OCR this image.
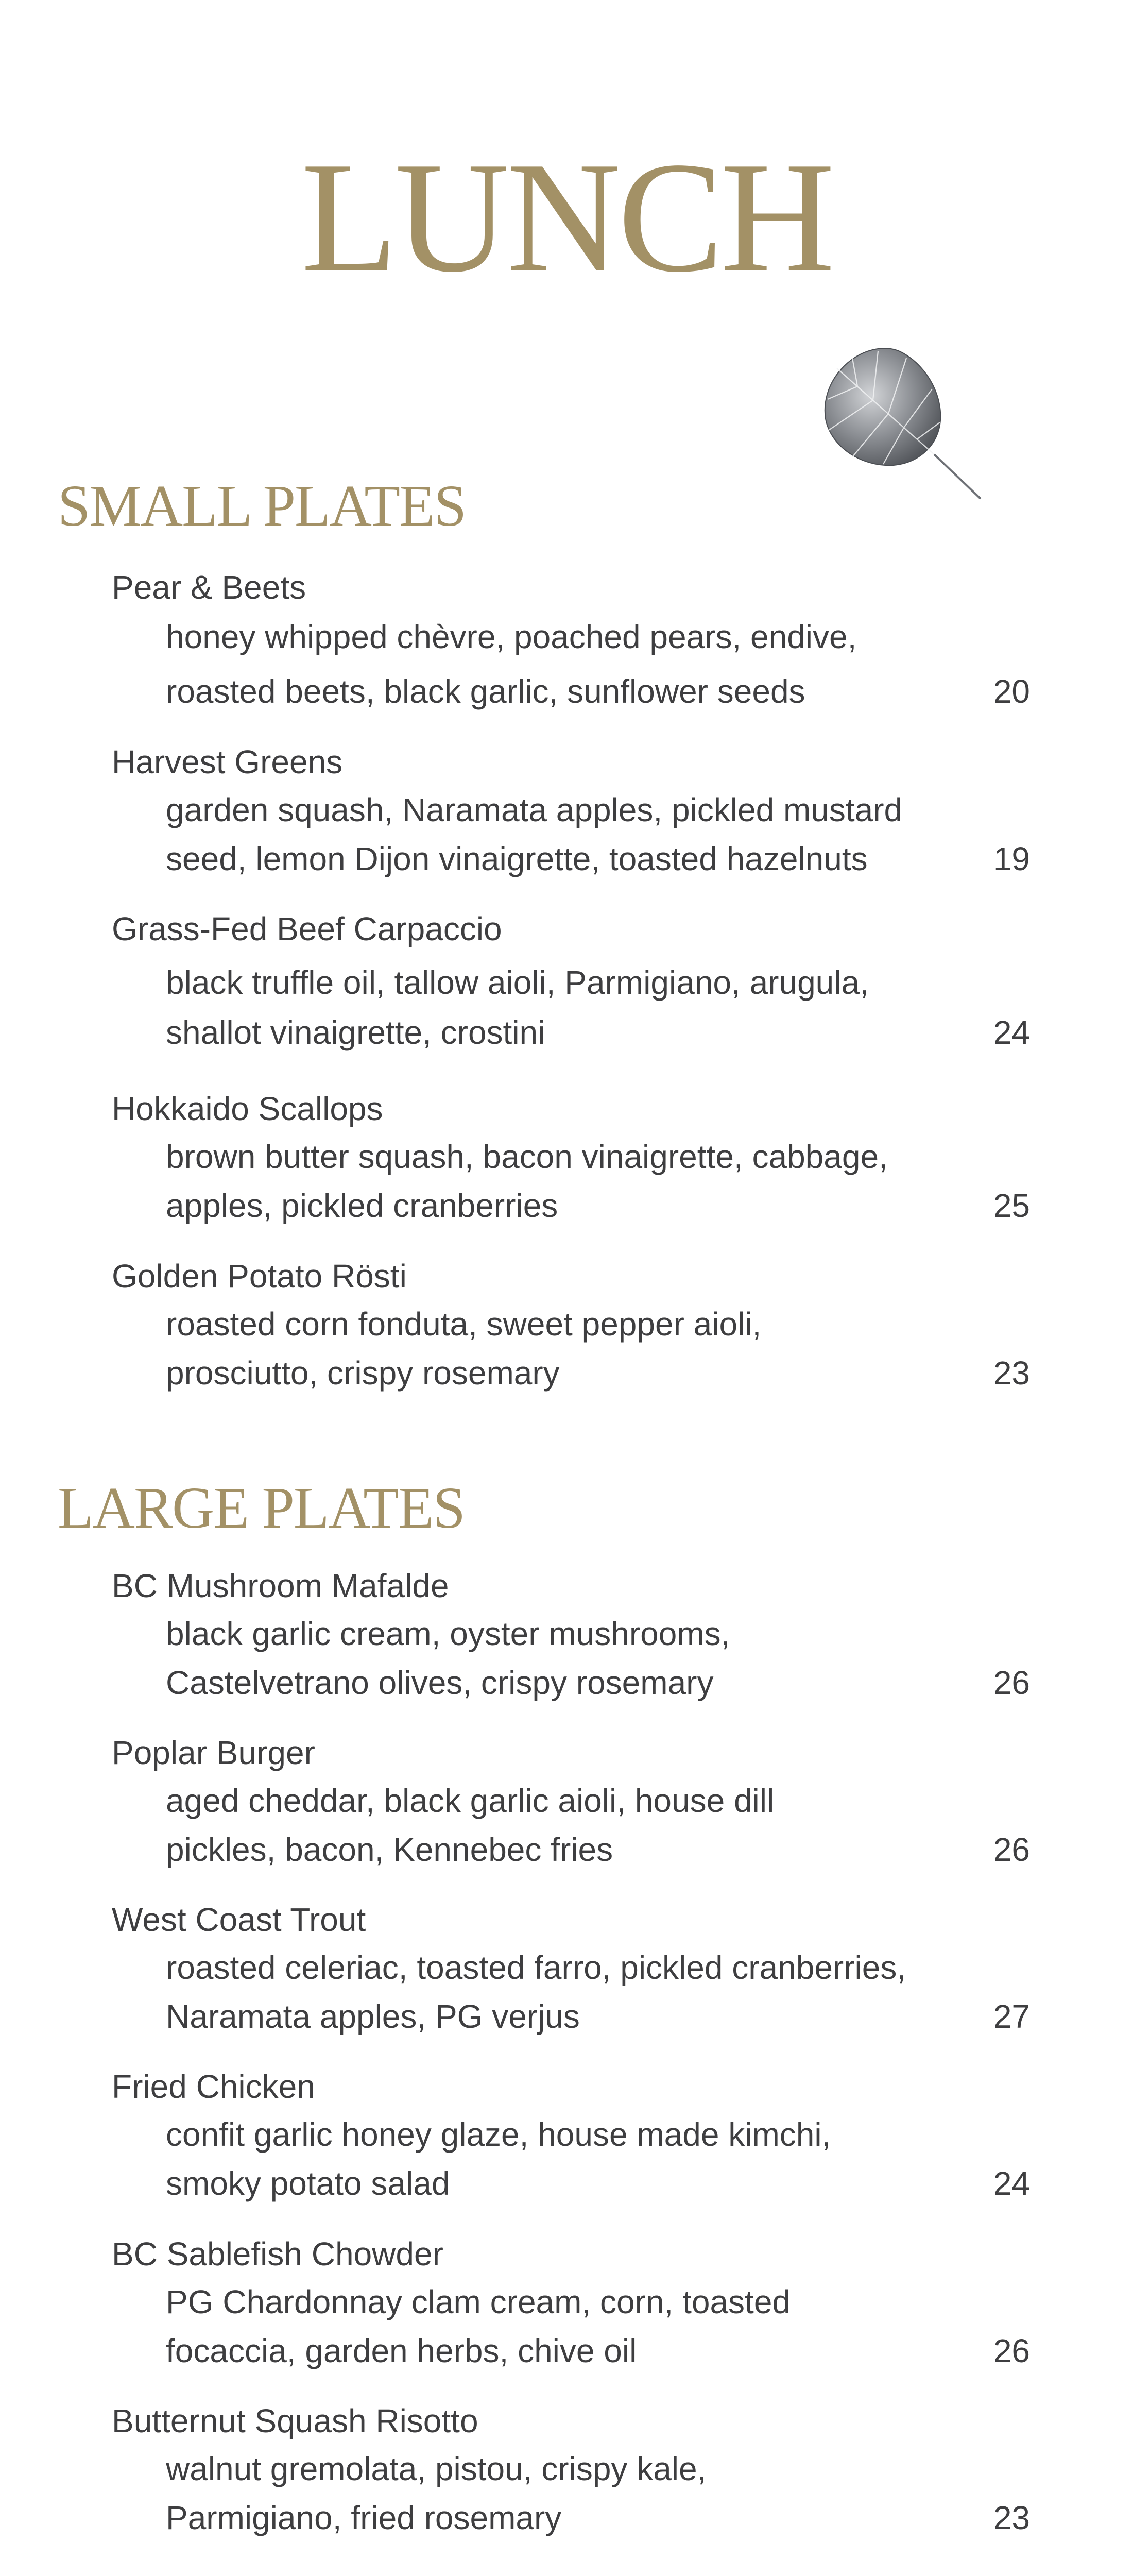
LUNCH
SMALL PLATES
Pear & Beets
honey whipped chèvre, poached pears, endive,
roasted beets, black garlic, sunflower seeds	20
Harvest Greens
garden squash, Naramata apples, pickled mustard
seed, lemon Dijon vinaigrette, toasted hazelnuts	19
Grass-Fed Beef Carpaccio
black truffle oil, tallow aioli, Parmigiano, arugula,
shallot vinaigrette, crostini	24
Hokkaido Scallops
brown butter squash, bacon vinaigrette, cabbage,
apples, pickled cranberries	25
Golden Potato Rösti
roasted corn fonduta, sweet pepper aioli,
prosciutto, crispy rosemary	23
LARGE PLATES
BC Mushroom Mafalde
black garlic cream, oyster mushrooms,
Castelvetrano olives, crispy rosemary	26
Poplar Burger
aged cheddar, black garlic aioli, house dill
pickles, bacon, Kennebec fries	26
West Coast Trout
roasted celeriac, toasted farro, pickled cranberries,
Naramata apples, PG verjus	27
Fried Chicken
confit garlic honey glaze, house made kimchi,
smoky potato salad	24
BC Sablefish Chowder
PG Chardonnay clam cream, corn, toasted
focaccia, garden herbs, chive oil	26
Butternut Squash Risotto
walnut gremolata, pistou, crispy kale,
Parmigiano, fried rosemary	23
